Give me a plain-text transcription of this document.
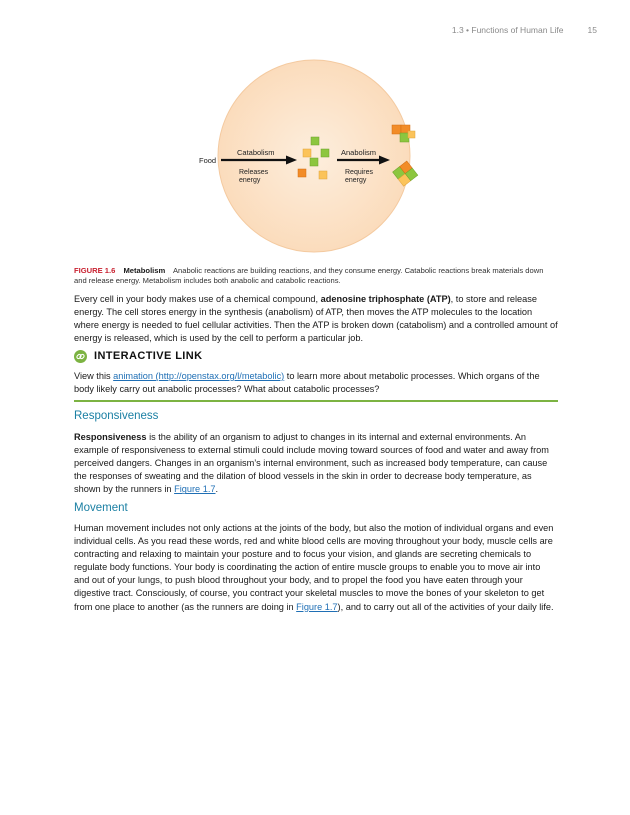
1.3 • Functions of Human Life	15
Food
Catabolism
Releases
energy
Anabolism
Requires
energy
FIGURE 1.6 Metabolism Anabolic reactions are building reactions, and they consume energy. Catabolic reactions break materials down and release energy. Metabolism includes both anabolic and catabolic reactions.

Every cell in your body makes use of a chemical compound, adenosine triphosphate (ATP), to store and release energy. The cell stores energy in the synthesis (anabolism) of ATP, then moves the ATP molecules to the location where energy is needed to fuel cellular activities. Then the ATP is broken down (catabolism) and a controlled amount of energy is released, which is used by the cell to perform a particular job.

INTERACTIVE LINK

View this animation (http://openstax.org/l/metabolic) to learn more about metabolic processes. Which organs of the body likely carry out anabolic processes? What about catabolic processes?

Responsiveness

Responsiveness is the ability of an organism to adjust to changes in its internal and external environments. An example of responsiveness to external stimuli could include moving toward sources of food and water and away from perceived dangers. Changes in an organism’s internal environment, such as increased body temperature, can cause the responses of sweating and the dilation of blood vessels in the skin in order to decrease body temperature, as shown by the runners in Figure 1.7.

Movement

Human movement includes not only actions at the joints of the body, but also the motion of individual organs and even individual cells. As you read these words, red and white blood cells are moving throughout your body, muscle cells are contracting and relaxing to maintain your posture and to focus your vision, and glands are secreting chemicals to regulate body functions. Your body is coordinating the action of entire muscle groups to enable you to move air into and out of your lungs, to push blood throughout your body, and to propel the food you have eaten through your digestive tract. Consciously, of course, you contract your skeletal muscles to move the bones of your skeleton to get from one place to another (as the runners are doing in Figure 1.7), and to carry out all of the activities of your daily life.
